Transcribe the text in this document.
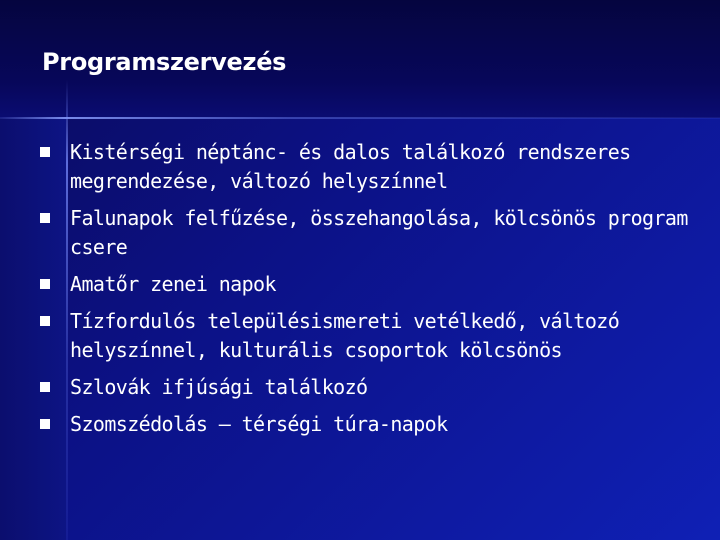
Programszervezés
Kistérségi néptánc- és dalos találkozó rendszeres megrendezése, változó helyszínnel
Falunapok felfűzése, összehangolása, kölcsönös program csere
Amatőr zenei napok
Tízfordulós településismereti vetélkedő, változó helyszínnel, kulturális csoportok kölcsönös
Szlovák ifjúsági találkozó
Szomszédolás – térségi túra-napok
